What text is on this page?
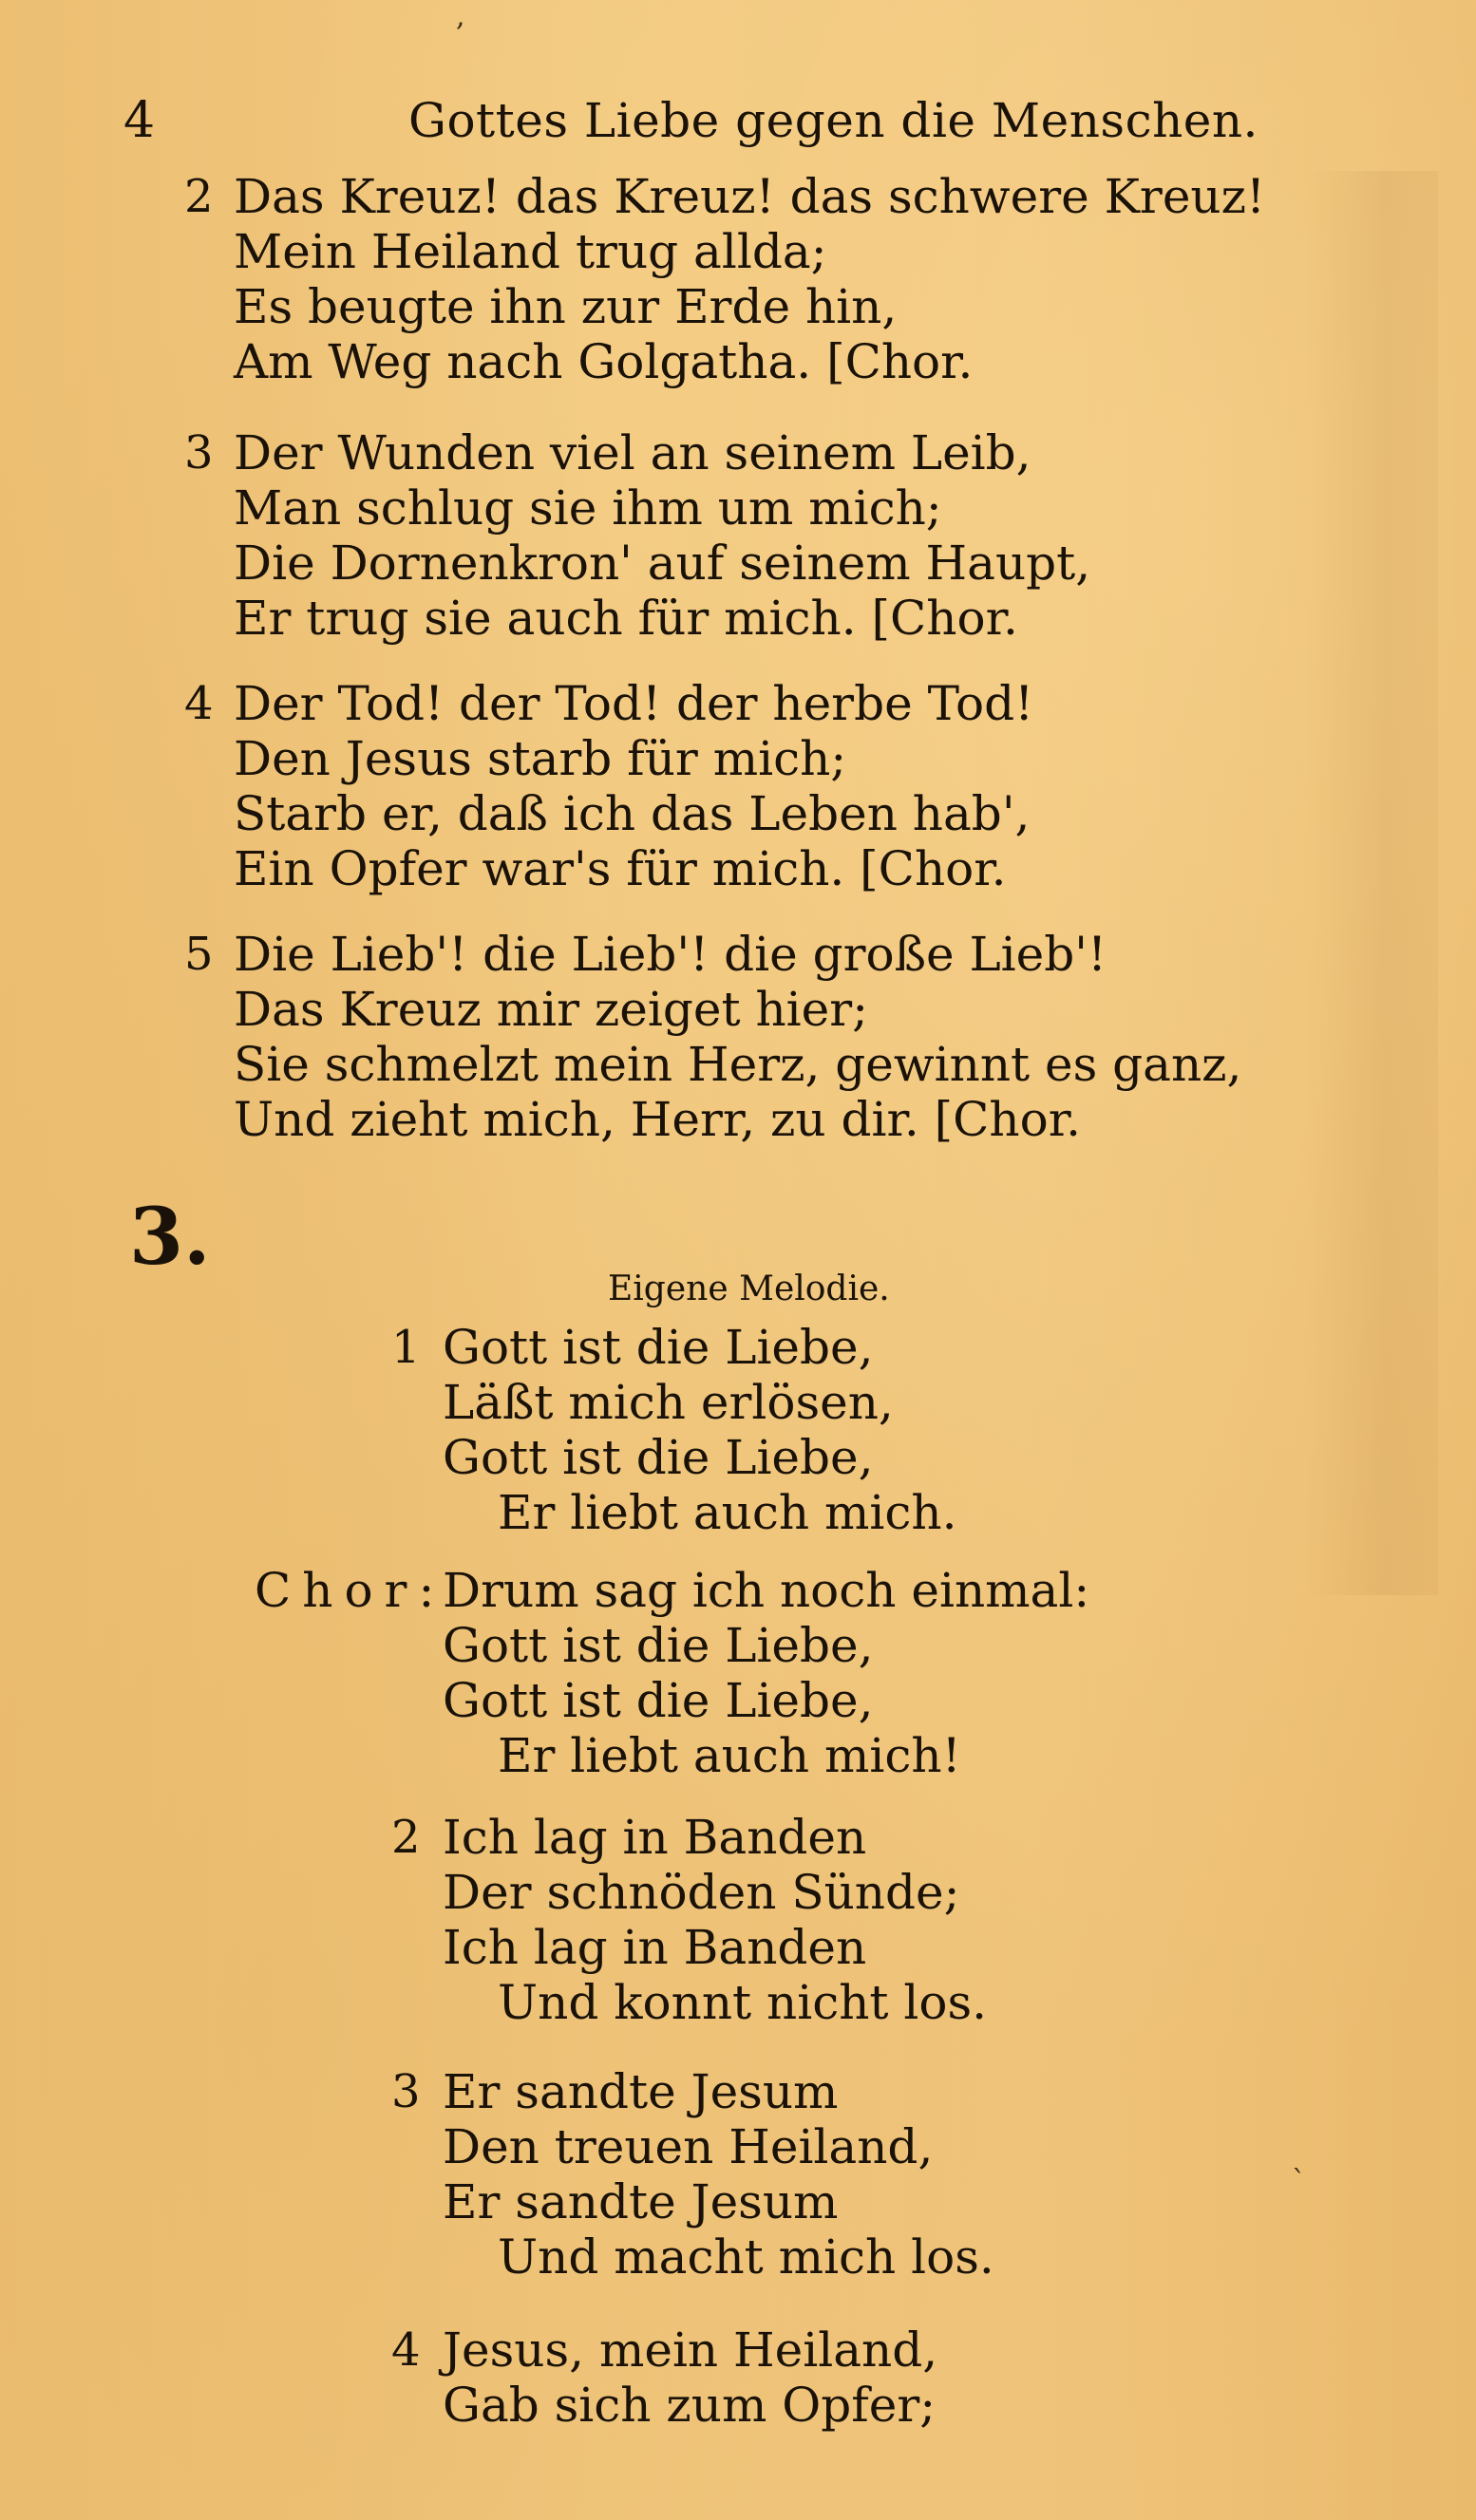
,
4	Gottes Liebe gegen die Menschen.
2 Das Kreuz! das Kreuz! das schwere Kreuz!
Mein Heiland trug allda;
Es beugte ihn zur Erde hin,
Am Weg nach Golgatha. [Chor.
3 Der Wunden viel an seinem Leib,
Man schlug sie ihm um mich;
Die Dornenkron' auf seinem Haupt,
Er trug sie auch für mich. [Chor.
4 Der Tod! der Tod! der herbe Tod!
Den Jesus starb für mich;
Starb er, daß ich das Leben hab',
Ein Opfer war's für mich. [Chor.
5 Die Lieb'! die Lieb'! die große Lieb'!
Das Kreuz mir zeiget hier;
Sie schmelzt mein Herz, gewinnt es ganz,
Und zieht mich, Herr, zu dir. [Chor.
3.
Eigene Melodie.
1 Gott ist die Liebe,
Läßt mich erlösen,
Gott ist die Liebe,
Er liebt auch mich.
Chor:
Drum sag ich noch einmal:
Gott ist die Liebe,
Gott ist die Liebe,
Er liebt auch mich!
2 Ich lag in Banden
Der schnöden Sünde;
Ich lag in Banden
Und konnt nicht los.
3 Er sandte Jesum
Den treuen Heiland,
Er sandte Jesum
Und macht mich los.
4 Jesus, mein Heiland,
Gab sich zum Opfer;
`
